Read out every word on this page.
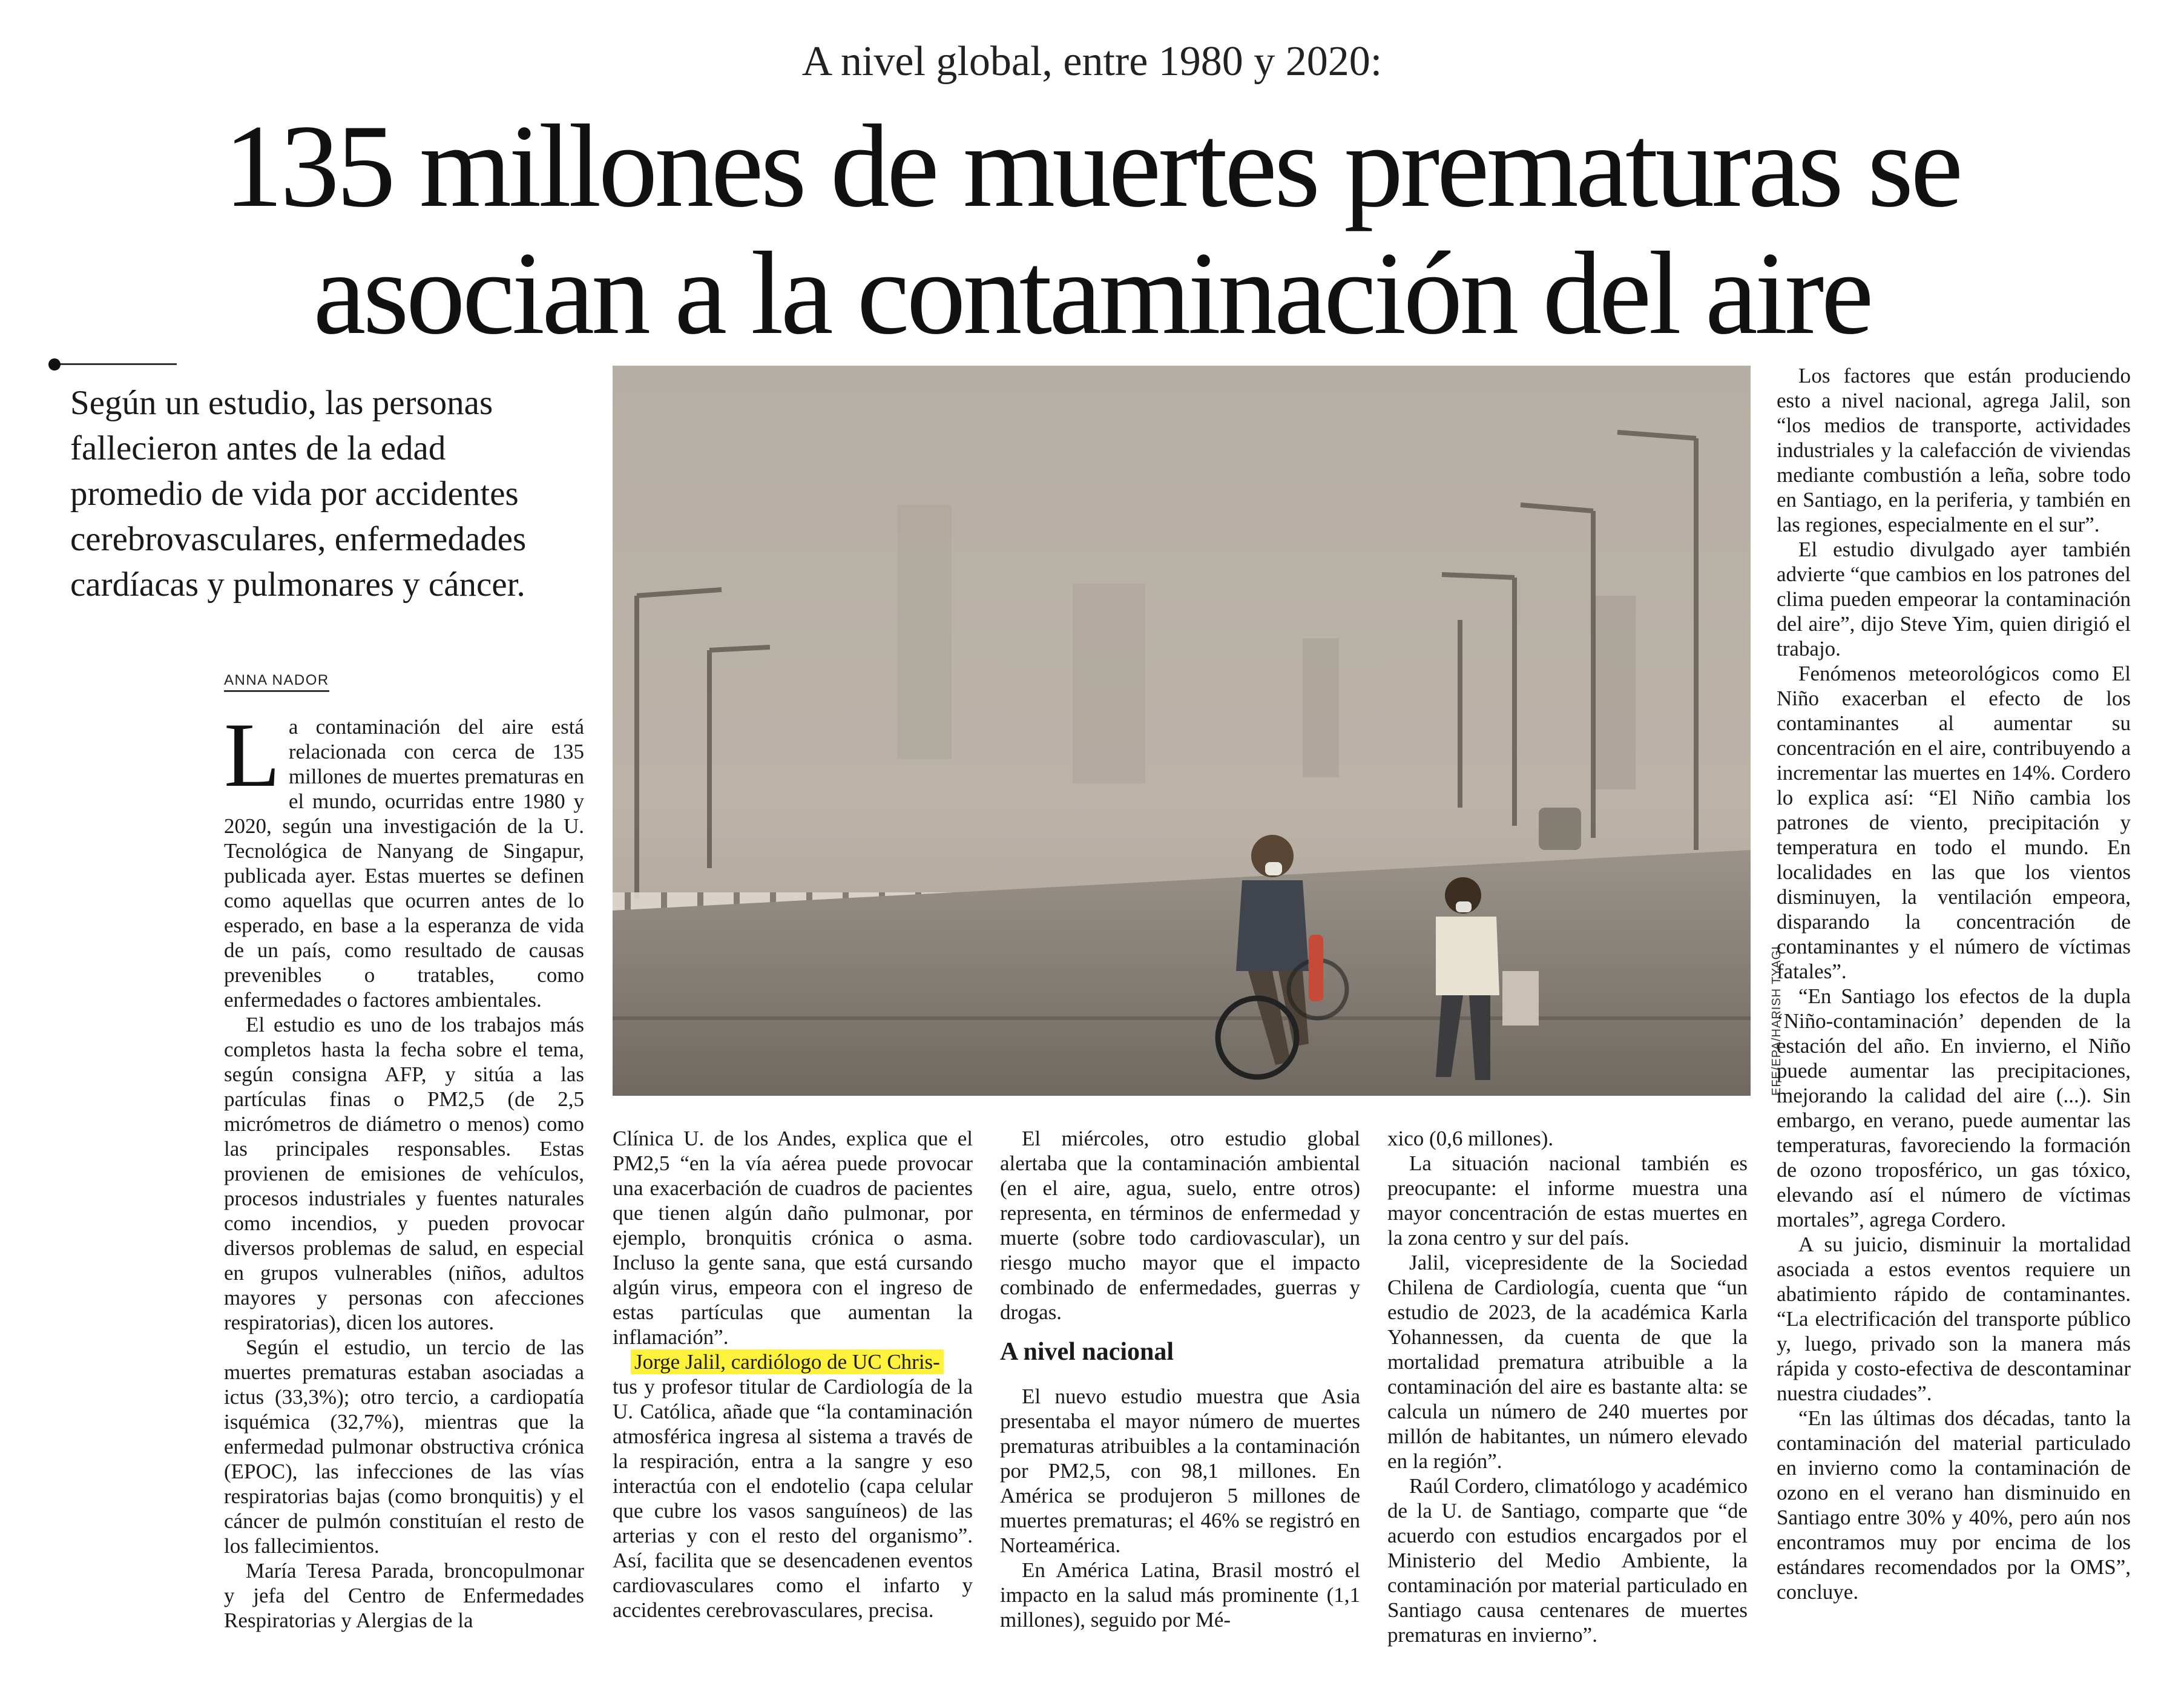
A nivel global, entre 1980 y 2020:
135 millones de muertes prematuras se
asocian a la contaminación del aire
Según un estudio, las personas fallecieron antes de la edad promedio de vida por accidentes cerebrovasculares, enfermedades cardíacas y pulmonares y cáncer.
ANNA NADOR
EFE/EPA/HARISH TYAGI

La contaminación del aire está relacionada con cerca de 135 millones de muertes prematuras en el mundo, ocurridas entre 1980 y 2020, según una investigación de la U. Tecnológica de Nanyang de Singapur, publicada ayer. Estas muertes se definen como aquellas que ocurren antes de lo esperado, en base a la esperanza de vida de un país, como resultado de causas prevenibles o tratables, como enfermedades o factores ambientales.

El estudio es uno de los trabajos más completos hasta la fecha sobre el tema, según consigna AFP, y sitúa a las partículas finas o PM2,5 (de 2,5 micrómetros de diámetro o menos) como las principales responsables. Estas provienen de emisiones de vehículos, procesos industriales y fuentes naturales como incendios, y pueden provocar diversos problemas de salud, en especial en grupos vulnerables (niños, adultos mayores y personas con afecciones respiratorias), dicen los autores.

Según el estudio, un tercio de las muertes prematuras estaban asociadas a ictus (33,3%); otro tercio, a cardiopatía isquémica (32,7%), mientras que la enfermedad pulmonar obstructiva crónica (EPOC), las infecciones de las vías respiratorias bajas (como bronquitis) y el cáncer de pulmón constituían el resto de los fallecimientos.

María Teresa Parada, broncopulmonar y jefa del Centro de Enfermedades Respiratorias y Alergias de la

Clínica U. de los Andes, explica que el PM2,5 “en la vía aérea puede provocar una exacerbación de cuadros de pacientes que tienen algún daño pulmonar, por ejemplo, bronquitis crónica o asma. Incluso la gente sana, que está cursando algún virus, empeora con el ingreso de estas partículas que aumentan la inflamación”.

Jorge Jalil, cardiólogo de UC Chris-

tus y profesor titular de Cardiología de la U. Católica, añade que “la contaminación atmosférica ingresa al sistema a través de la respiración, entra a la sangre y eso interactúa con el endotelio (capa celular que cubre los vasos sanguíneos) de las arterias y con el resto del organismo”. Así, facilita que se desencadenen eventos cardiovasculares como el infarto y accidentes cerebrovasculares, precisa.

El miércoles, otro estudio global alertaba que la contaminación ambiental (en el aire, agua, suelo, entre otros) representa, en términos de enfermedad y muerte (sobre todo cardiovascular), un riesgo mucho mayor que el impacto combinado de enfermedades, guerras y drogas.

A nivel nacional

El nuevo estudio muestra que Asia presentaba el mayor número de muertes prematuras atribuibles a la contaminación por PM2,5, con 98,1 millones. En América se produjeron 5 millones de muertes prematuras; el 46% se registró en Norteamérica.

En América Latina, Brasil mostró el impacto en la salud más prominente (1,1 millones), seguido por Mé-

xico (0,6 millones).

La situación nacional también es preocupante: el informe muestra una mayor concentración de estas muertes en la zona centro y sur del país.

Jalil, vicepresidente de la Sociedad Chilena de Cardiología, cuenta que “un estudio de 2023, de la académica Karla Yohannessen, da cuenta de que la mortalidad prematura atribuible a la contaminación del aire es bastante alta: se calcula un número de 240 muertes por millón de habitantes, un número elevado en la región”.

Raúl Cordero, climatólogo y académico de la U. de Santiago, comparte que “de acuerdo con estudios encargados por el Ministerio del Medio Ambiente, la contaminación por material particulado en Santiago causa centenares de muertes prematuras en invierno”.

Los factores que están produciendo esto a nivel nacional, agrega Jalil, son “los medios de transporte, actividades industriales y la calefacción de viviendas mediante combustión a leña, sobre todo en Santiago, en la periferia, y también en las regiones, especialmente en el sur”.

El estudio divulgado ayer también advierte “que cambios en los patrones del clima pueden empeorar la contaminación del aire”, dijo Steve Yim, quien dirigió el trabajo.

Fenómenos meteorológicos como El Niño exacerban el efecto de los contaminantes al aumentar su concentración en el aire, contribuyendo a incrementar las muertes en 14%. Cordero lo explica así: “El Niño cambia los patrones de viento, precipitación y temperatura en todo el mundo. En localidades en las que los vientos disminuyen, la ventilación empeora, disparando la concentración de contaminantes y el número de víctimas fatales”.

“En Santiago los efectos de la dupla ‘Niño-contaminación’ dependen de la estación del año. En invierno, el Niño puede aumentar las precipitaciones, mejorando la calidad del aire (...). Sin embargo, en verano, puede aumentar las temperaturas, favoreciendo la formación de ozono troposférico, un gas tóxico, elevando así el número de víctimas mortales”, agrega Cordero.

A su juicio, disminuir la mortalidad asociada a estos eventos requiere un abatimiento rápido de contaminantes. “La electrificación del transporte público y, luego, privado son la manera más rápida y costo-efectiva de descontaminar nuestra ciudades”.

“En las últimas dos décadas, tanto la contaminación del material particulado en invierno como la contaminación de ozono en el verano han disminuido en Santiago entre 30% y 40%, pero aún nos encontramos muy por encima de los estándares recomendados por la OMS”, concluye.
